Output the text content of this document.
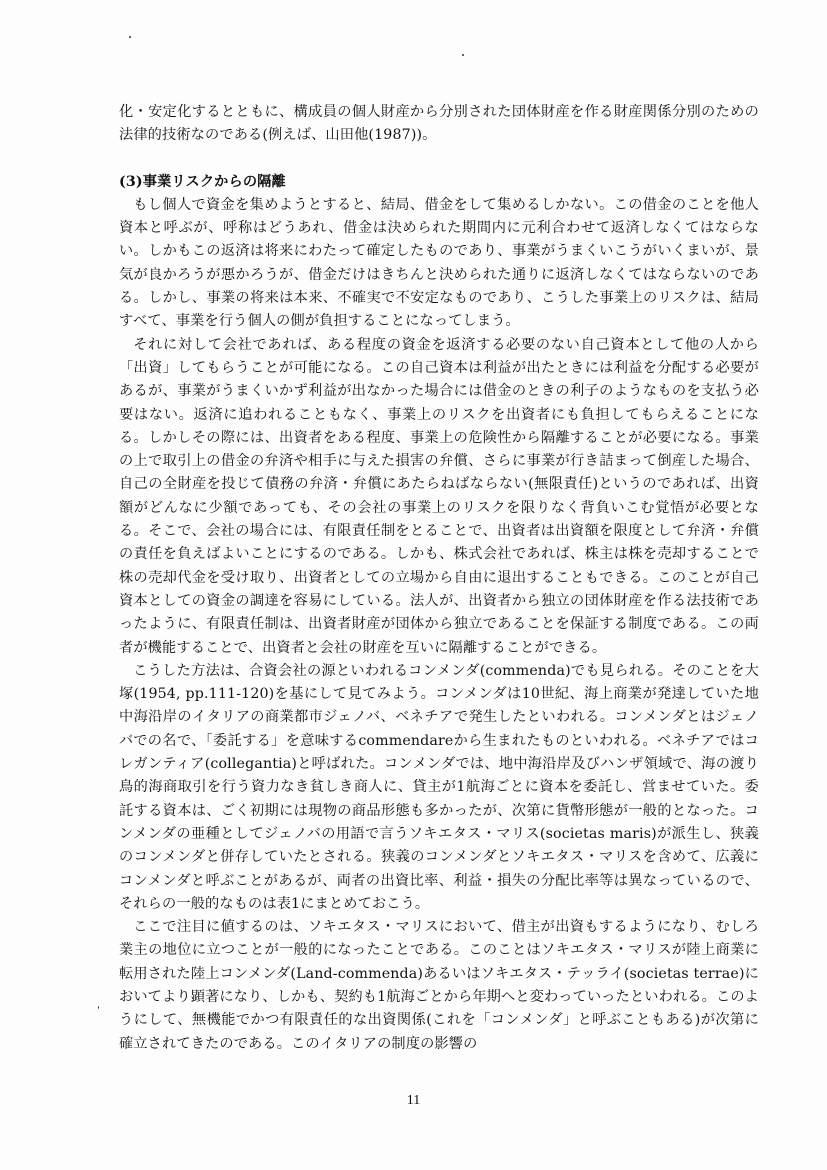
化・安定化するとともに、構成員の個人財産から分別された団体財産を作る財産関係分別のための法律的技術なのである(例えば、山田他(1987))。

(3)事業リスクからの隔離

もし個人で資金を集めようとすると、結局、借金をして集めるしかない。この借金のことを他人資本と呼ぶが、呼称はどうあれ、借金は決められた期間内に元利合わせて返済しなくてはならない。しかもこの返済は将来にわたって確定したものであり、事業がうまくいこうがいくまいが、景気が良かろうが悪かろうが、借金だけはきちんと決められた通りに返済しなくてはならないのである。しかし、事業の将来は本来、不確実で不安定なものであり、こうした事業上のリスクは、結局すべて、事業を行う個人の側が負担することになってしまう。

それに対して会社であれば、ある程度の資金を返済する必要のない自己資本として他の人から「出資」してもらうことが可能になる。この自己資本は利益が出たときには利益を分配する必要があるが、事業がうまくいかず利益が出なかった場合には借金のときの利子のようなものを支払う必要はない。返済に追われることもなく、事業上のリスクを出資者にも負担してもらえることになる。しかしその際には、出資者をある程度、事業上の危険性から隔離することが必要になる。事業の上で取引上の借金の弁済や相手に与えた損害の弁償、さらに事業が行き詰まって倒産した場合、自己の全財産を投じて債務の弁済・弁償にあたらねばならない(無限責任)というのであれば、出資額がどんなに少額であっても、その会社の事業上のリスクを限りなく背負いこむ覚悟が必要となる。そこで、会社の場合には、有限責任制をとることで、出資者は出資額を限度として弁済・弁償の責任を負えばよいことにするのである。しかも、株式会社であれば、株主は株を売却することで株の売却代金を受け取り、出資者としての立場から自由に退出することもできる。このことが自己資本としての資金の調達を容易にしている。法人が、出資者から独立の団体財産を作る法技術であったように、有限責任制は、出資者財産が団体から独立であることを保証する制度である。この両者が機能することで、出資者と会社の財産を互いに隔離することができる。

こうした方法は、合資会社の源といわれるコンメンダ(commenda)でも見られる。そのことを大塚(1954, pp.111-120)を基にして見てみよう。コンメンダは10世紀、海上商業が発達していた地中海沿岸のイタリアの商業都市ジェノバ、ベネチアで発生したといわれる。コンメンダとはジェノバでの名で、「委託する」を意味するcommendareから生まれたものといわれる。ベネチアではコレガンティア(collegantia)と呼ばれた。コンメンダでは、地中海沿岸及びハンザ領域で、海の渡り鳥的海商取引を行う資力なき貧しき商人に、貸主が1航海ごとに資本を委託し、営ませていた。委託する資本は、ごく初期には現物の商品形態も多かったが、次第に貨幣形態が一般的となった。コンメンダの亜種としてジェノバの用語で言うソキエタス・マリス(societas maris)が派生し、狭義のコンメンダと併存していたとされる。狭義のコンメンダとソキエタス・マリスを含めて、広義にコンメンダと呼ぶことがあるが、両者の出資比率、利益・損失の分配比率等は異なっているので、それらの一般的なものは表1にまとめておこう。

ここで注目に値するのは、ソキエタス・マリスにおいて、借主が出資もするようになり、むしろ業主の地位に立つことが一般的になったことである。このことはソキエタス・マリスが陸上商業に転用された陸上コンメンダ(Land-commenda)あるいはソキエタス・テッライ(societas terrae)においてより顕著になり、しかも、契約も1航海ごとから年期へと変わっていったといわれる。このようにして、無機能でかつ有限責任的な出資関係(これを「コンメンダ」と呼ぶこともある)が次第に確立されてきたのである。このイタリアの制度の影響の

11
